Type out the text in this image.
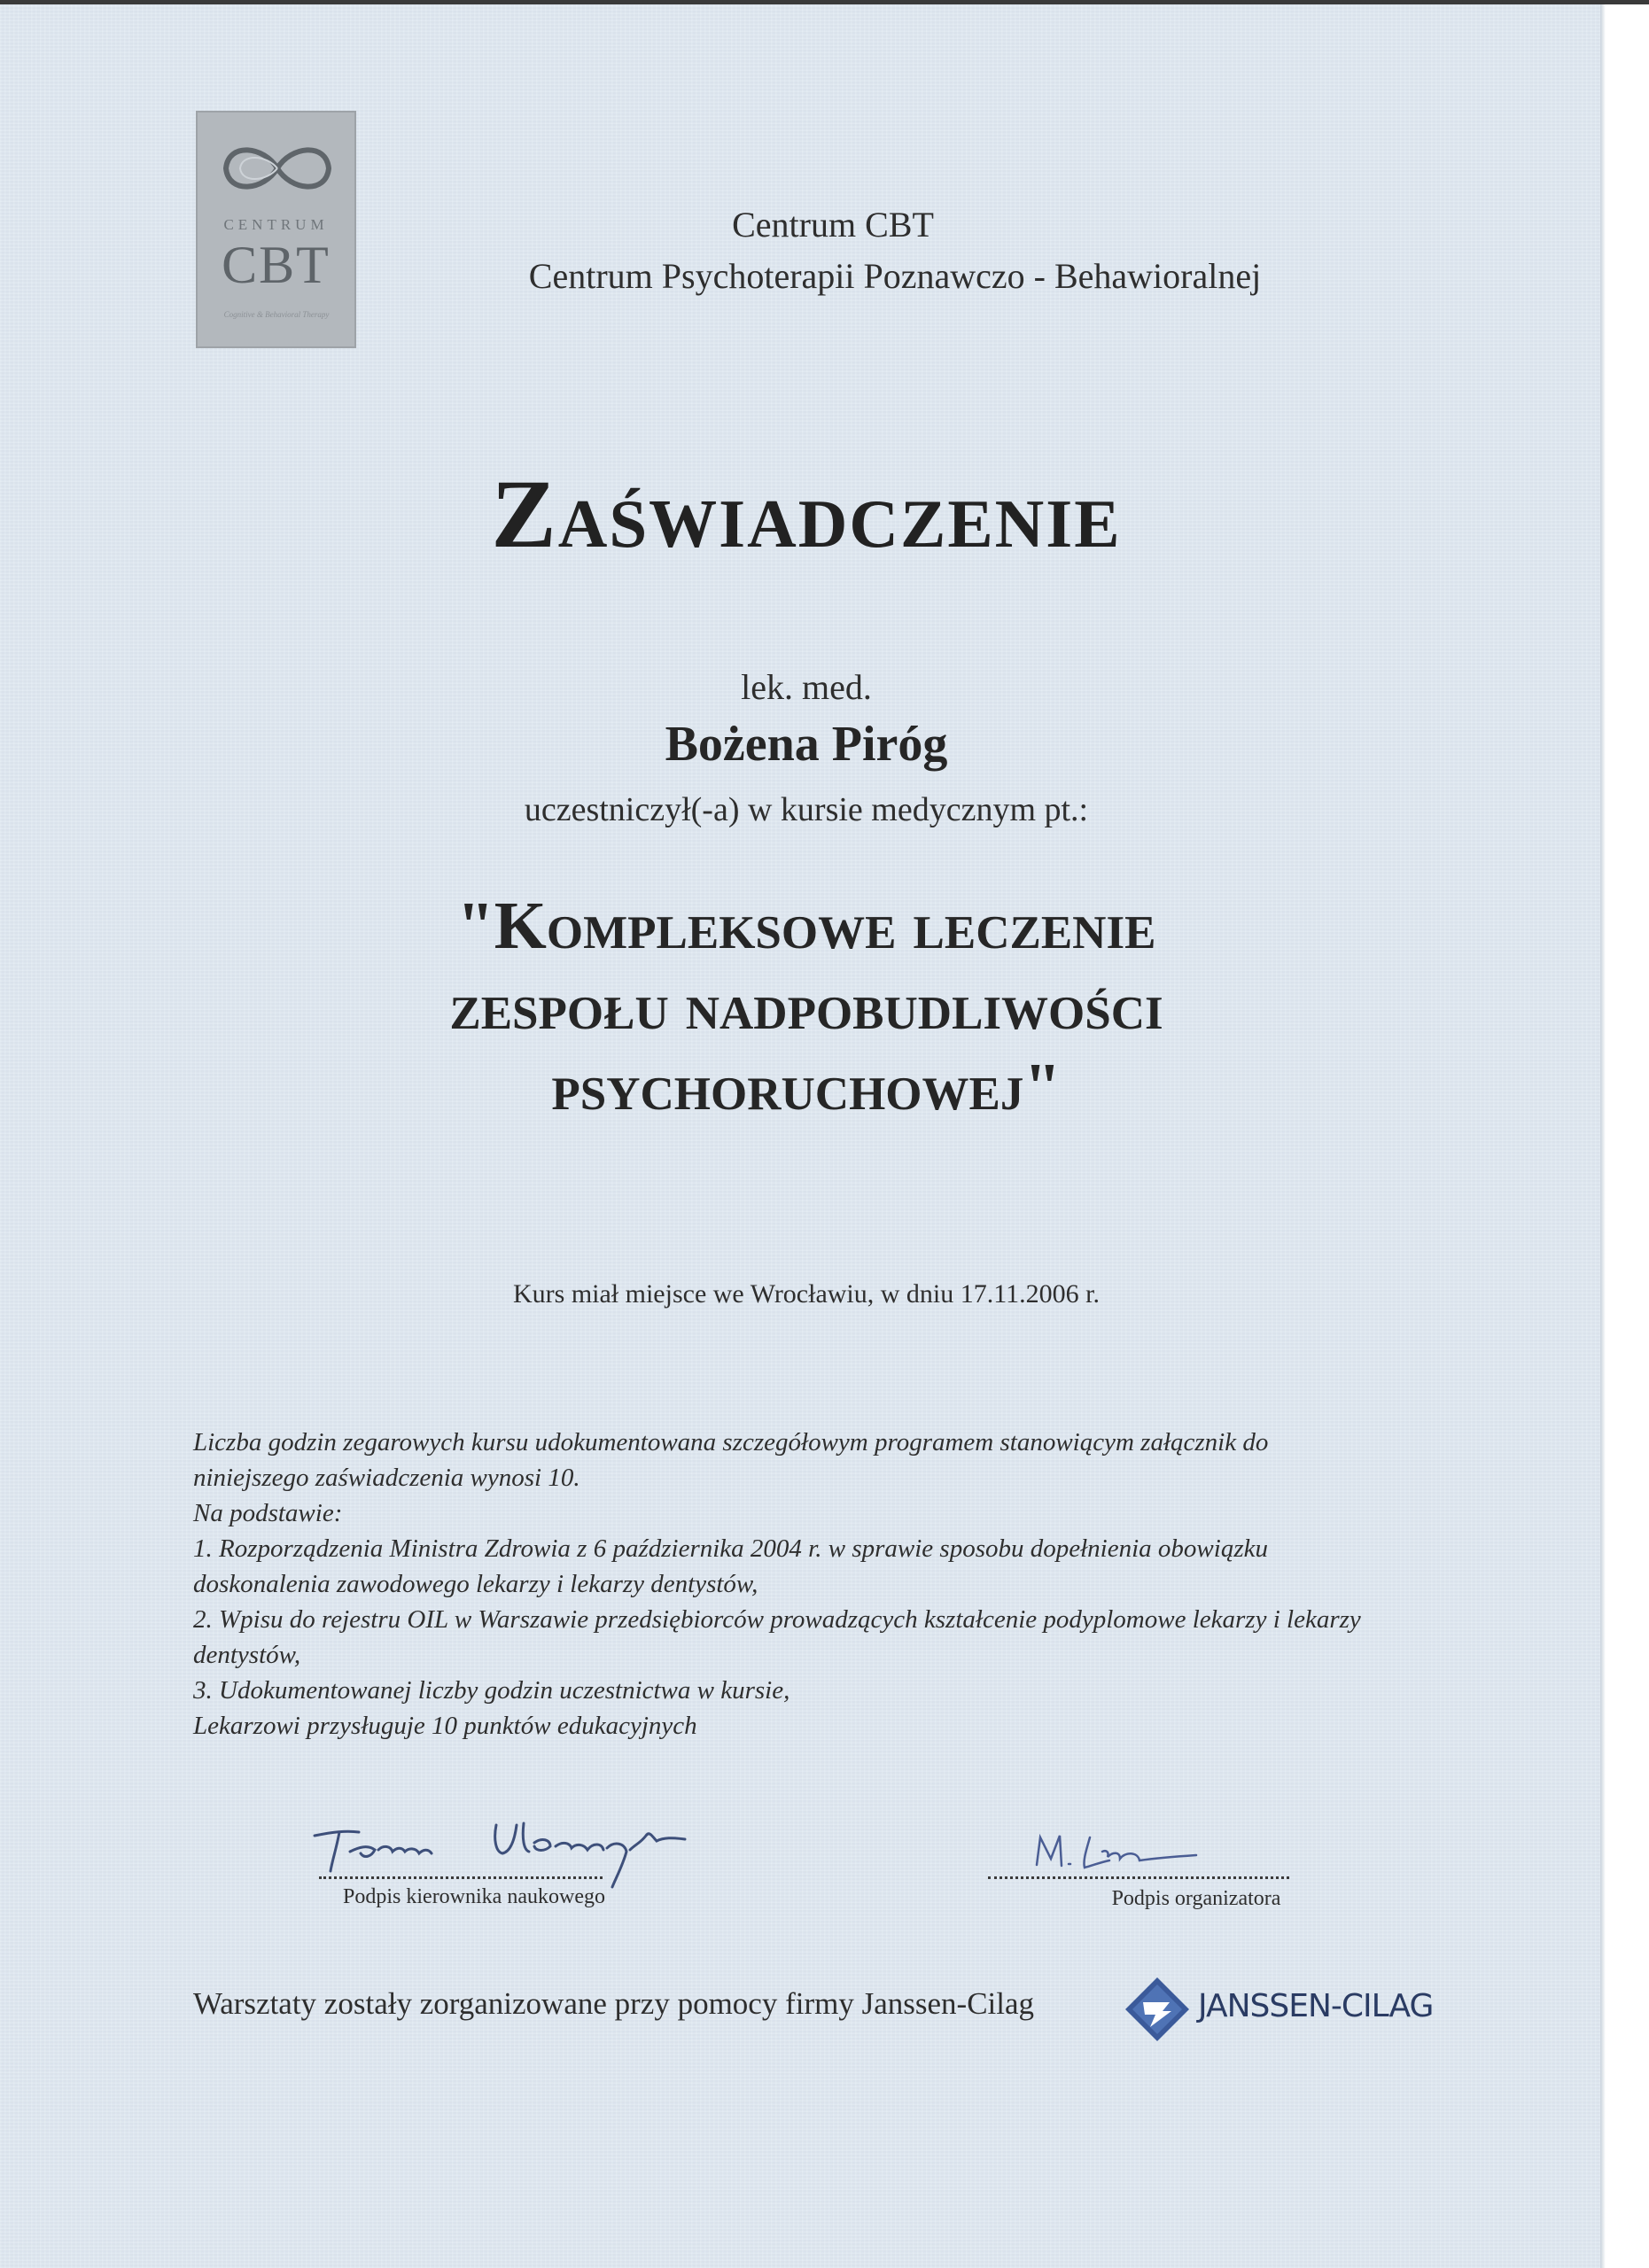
CENTRUM
CBT
Cognitive & Behavioral Therapy
Centrum CBT
Centrum Psychoterapii Poznawczo - Behawioralnej
Zaświadczenie
lek. med.
Bożena Piróg
uczestniczył(-a) w kursie medycznym pt.:
"Kompleksowe leczenie
zespołu nadpobudliwości
psychoruchowej"
Kurs miał miejsce we Wrocławiu, w dniu 17.11.2006 r.

Liczba godzin zegarowych kursu udokumentowana szczegółowym programem stanowiącym załącznik do niniejszego zaświadczenia wynosi 10.

Na podstawie:

1. Rozporządzenia Ministra Zdrowia z 6 października 2004 r. w sprawie sposobu dopełnienia obowiązku doskonalenia zawodowego lekarzy i lekarzy dentystów,

2. Wpisu do rejestru OIL w Warszawie przedsiębiorców prowadzących kształcenie podyplomowe lekarzy i lekarzy dentystów,

3. Udokumentowanej liczby godzin uczestnictwa w kursie,

Lekarzowi przysługuje 10 punktów edukacyjnych

Podpis kierownika naukowego	Podpis organizatora
Warsztaty zostały zorganizowane przy pomocy firmy Janssen-Cilag	JANSSEN-CILAG
